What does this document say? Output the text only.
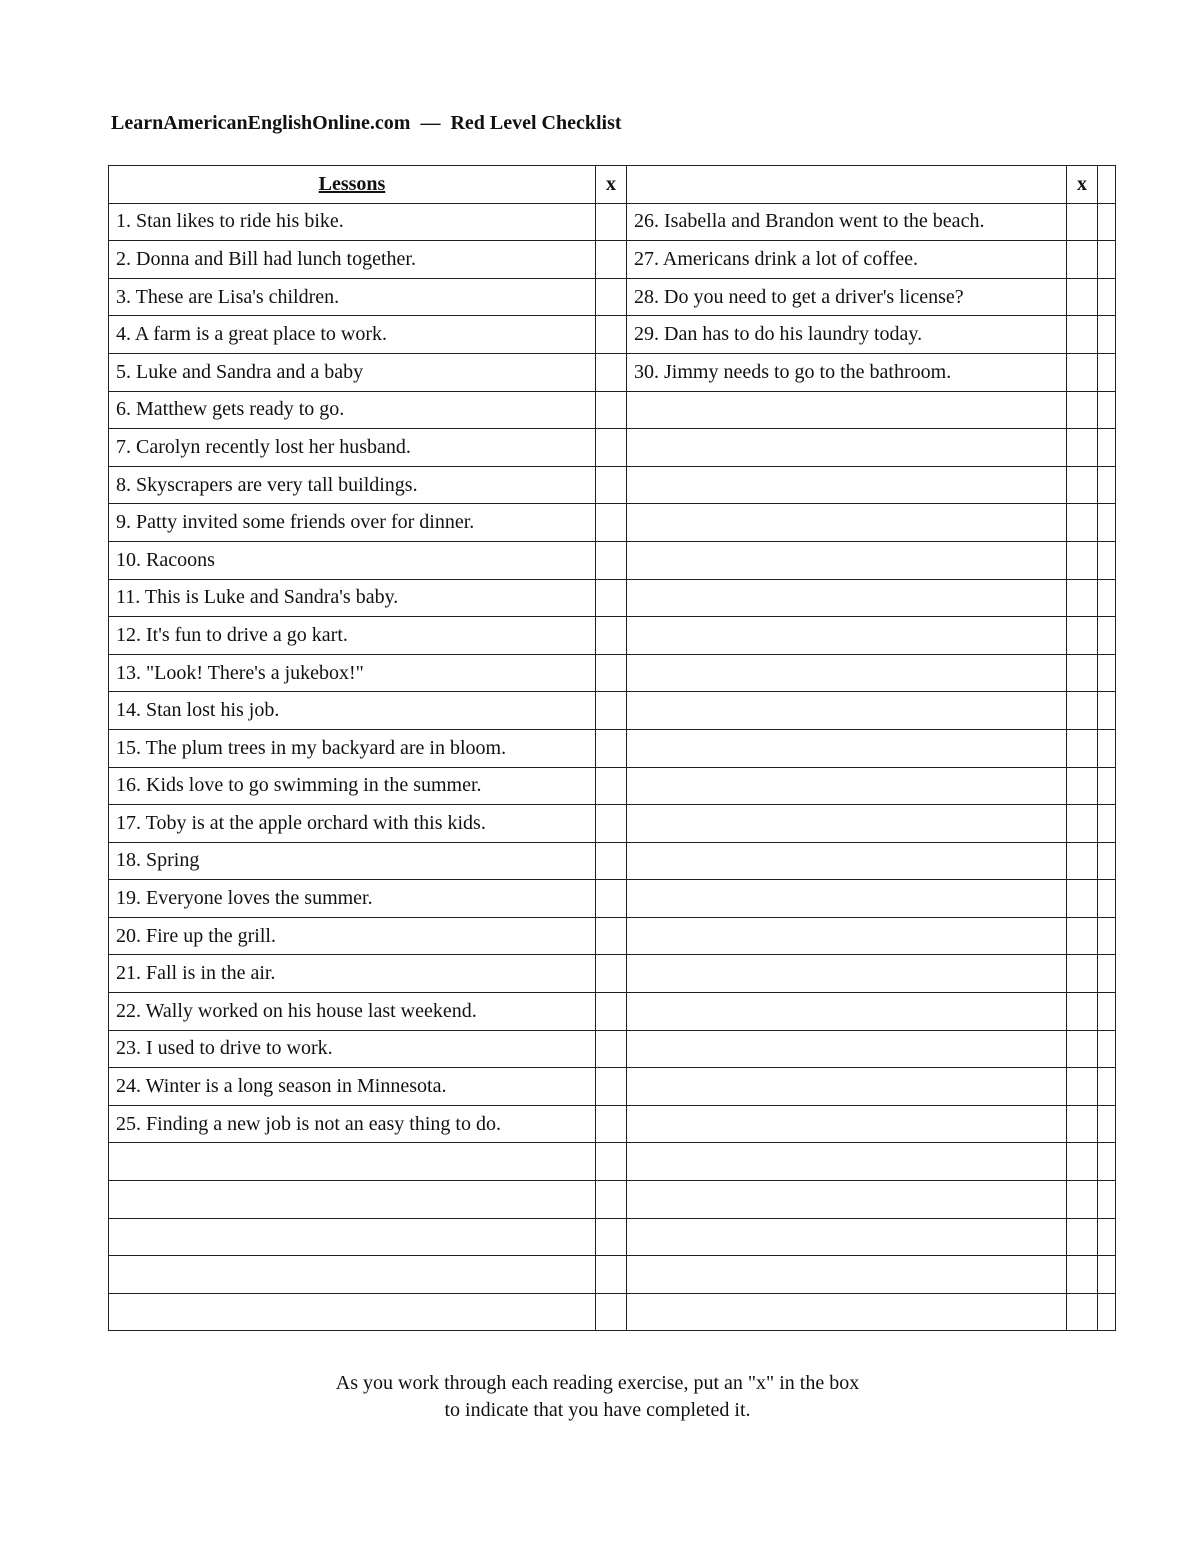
LearnAmericanEnglishOnline.com  —  Red Level Checklist
Lessons	x		x	
1. Stan likes to ride his bike.		26. Isabella and Brandon went to the beach.		
2. Donna and Bill had lunch together.		27. Americans drink a lot of coffee.		
3. These are Lisa's children.		28. Do you need to get a driver's license?		
4. A farm is a great place to work.		29. Dan has to do his laundry today.		
5. Luke and Sandra and a baby		30. Jimmy needs to go to the bathroom.		
6. Matthew gets ready to go.				
7. Carolyn recently lost her husband.				
8. Skyscrapers are very tall buildings.				
9. Patty invited some friends over for dinner.				
10. Racoons				
11. This is Luke and Sandra's baby.				
12. It's fun to drive a go kart.				
13. "Look! There's a jukebox!"				
14. Stan lost his job.				
15. The plum trees in my backyard are in bloom.				
16. Kids love to go swimming in the summer.				
17. Toby is at the apple orchard with this kids.				
18. Spring				
19. Everyone loves the summer.				
20. Fire up the grill.				
21. Fall is in the air.				
22. Wally worked on his house last weekend.				
23. I used to drive to work.				
24. Winter is a long season in Minnesota.				
25. Finding a new job is not an easy thing to do.				

As you work through each reading exercise, put an "x" in the box
to indicate that you have completed it.
